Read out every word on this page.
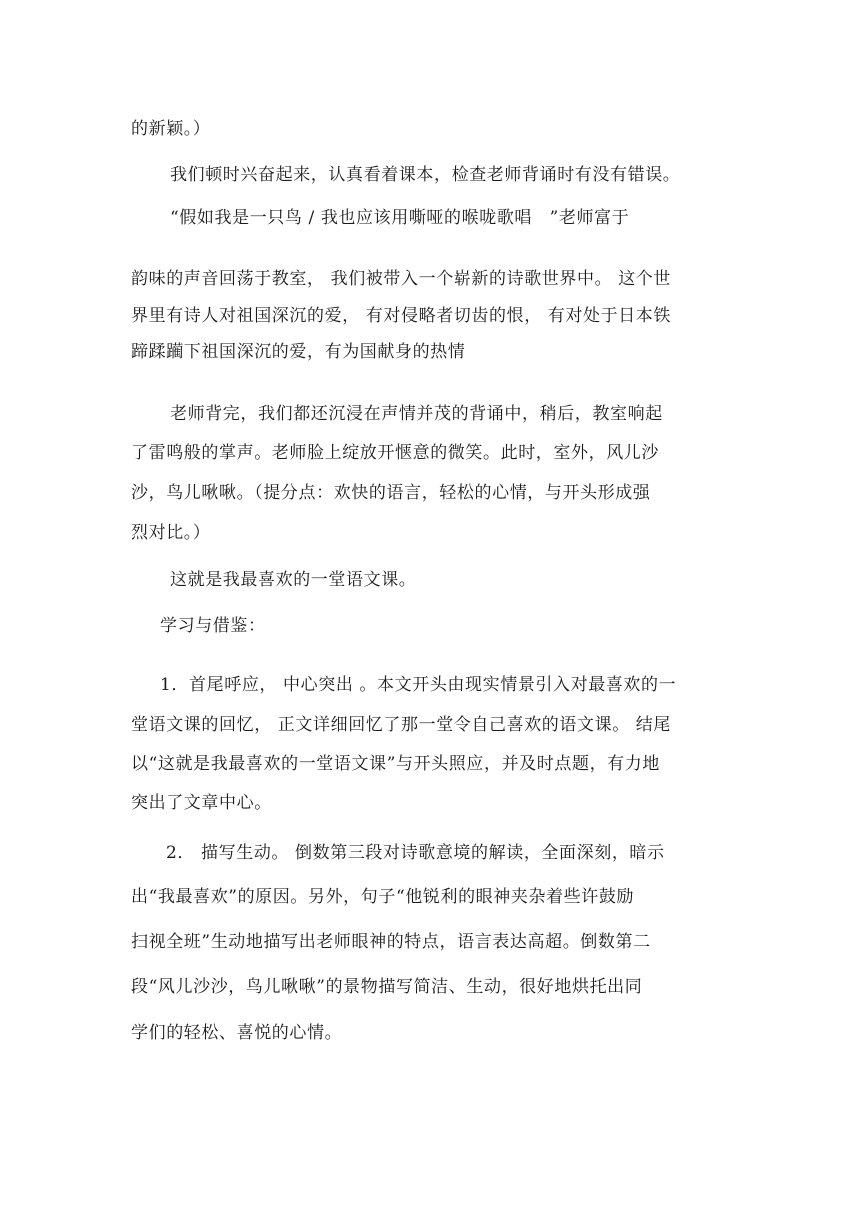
的新颖。）
我们顿时兴奋起来，认真看着课本，检查老师背诵时有没有错误。
“假如我是一只鸟 / 我也应该用嘶哑的喉咙歌唱　”老师富于
韵味的声音回荡于教室， 我们被带入一个崭新的诗歌世界中。 这个世
界里有诗人对祖国深沉的爱， 有对侵略者切齿的恨， 有对处于日本铁
蹄蹂躏下祖国深沉的爱，有为国献身的热情
老师背完，我们都还沉浸在声情并茂的背诵中，稍后，教室响起
了雷鸣般的掌声。老师脸上绽放开惬意的微笑。此时，室外，风儿沙
沙，鸟儿啾啾。（提分点：欢快的语言，轻松的心情，与开头形成强
烈对比。）
这就是我最喜欢的一堂语文课。
学习与借鉴：
1．首尾呼应， 中心突出 。本文开头由现实情景引入对最喜欢的一
堂语文课的回忆， 正文详细回忆了那一堂令自己喜欢的语文课。 结尾
以“这就是我最喜欢的一堂语文课”与开头照应，并及时点题，有力地
突出了文章中心。
2． 描写生动。 倒数第三段对诗歌意境的解读，全面深刻，暗示
出“我最喜欢”的原因。另外，句子“他锐利的眼神夹杂着些许鼓励
扫视全班”生动地描写出老师眼神的特点，语言表达高超。倒数第二
段“风儿沙沙，鸟儿啾啾”的景物描写简洁、生动，很好地烘托出同
学们的轻松、喜悦的心情。
